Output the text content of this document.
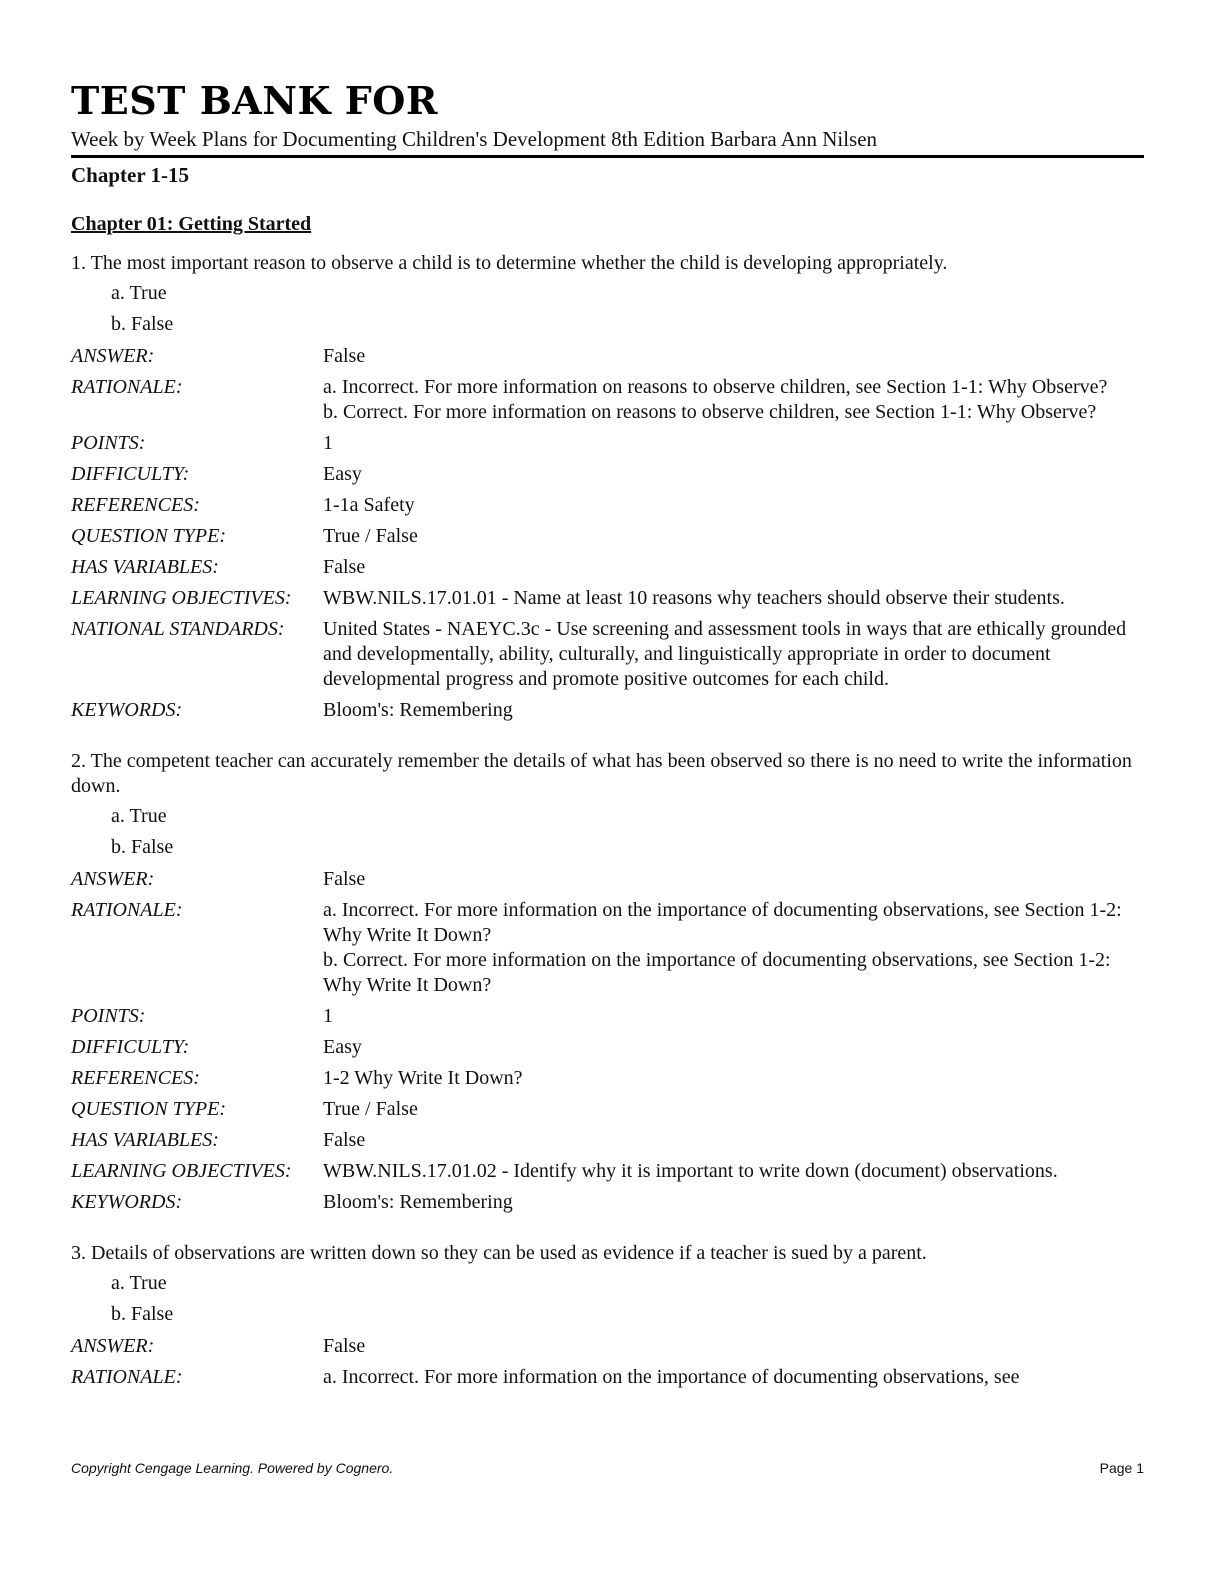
TEST BANK FOR
Week by Week Plans for Documenting Children's Development 8th Edition Barbara Ann Nilsen
Chapter 1-15
Chapter 01: Getting Started
1. The most important reason to observe a child is to determine whether the child is developing appropriately.
a. True
b. False
ANSWER:	False
RATIONALE:	a. Incorrect. For more information on reasons to observe children, see Section 1-1: Why Observe?

b. Correct. For more information on reasons to observe children, see Section 1-1: Why Observe?

POINTS:	1
DIFFICULTY:	Easy
REFERENCES:	1-1a Safety
QUESTION TYPE:	True / False
HAS VARIABLES:	False
LEARNING OBJECTIVES:	WBW.NILS.17.01.01 - Name at least 10 reasons why teachers should observe their students.
NATIONAL STANDARDS:	United States - NAEYC.3c - Use screening and assessment tools in ways that are ethically grounded and developmentally, ability, culturally, and linguistically appropriate in order to document developmental progress and promote positive outcomes for each child.
KEYWORDS:	Bloom's: Remembering
2. The competent teacher can accurately remember the details of what has been observed so there is no need to write the information down.
a. True
b. False
ANSWER:	False
RATIONALE:	a. Incorrect. For more information on the importance of documenting observations, see Section 1-2: Why Write It Down?

b. Correct. For more information on the importance of documenting observations, see Section 1-2: Why Write It Down?

POINTS:	1
DIFFICULTY:	Easy
REFERENCES:	1-2 Why Write It Down?
QUESTION TYPE:	True / False
HAS VARIABLES:	False
LEARNING OBJECTIVES:	WBW.NILS.17.01.02 - Identify why it is important to write down (document) observations.
KEYWORDS:	Bloom's: Remembering
3. Details of observations are written down so they can be used as evidence if a teacher is sued by a parent.
a. True
b. False
ANSWER:	False
RATIONALE:	a. Incorrect. For more information on the importance of documenting observations, see

Copyright Cengage Learning. Powered by Cognero.	Page 1
